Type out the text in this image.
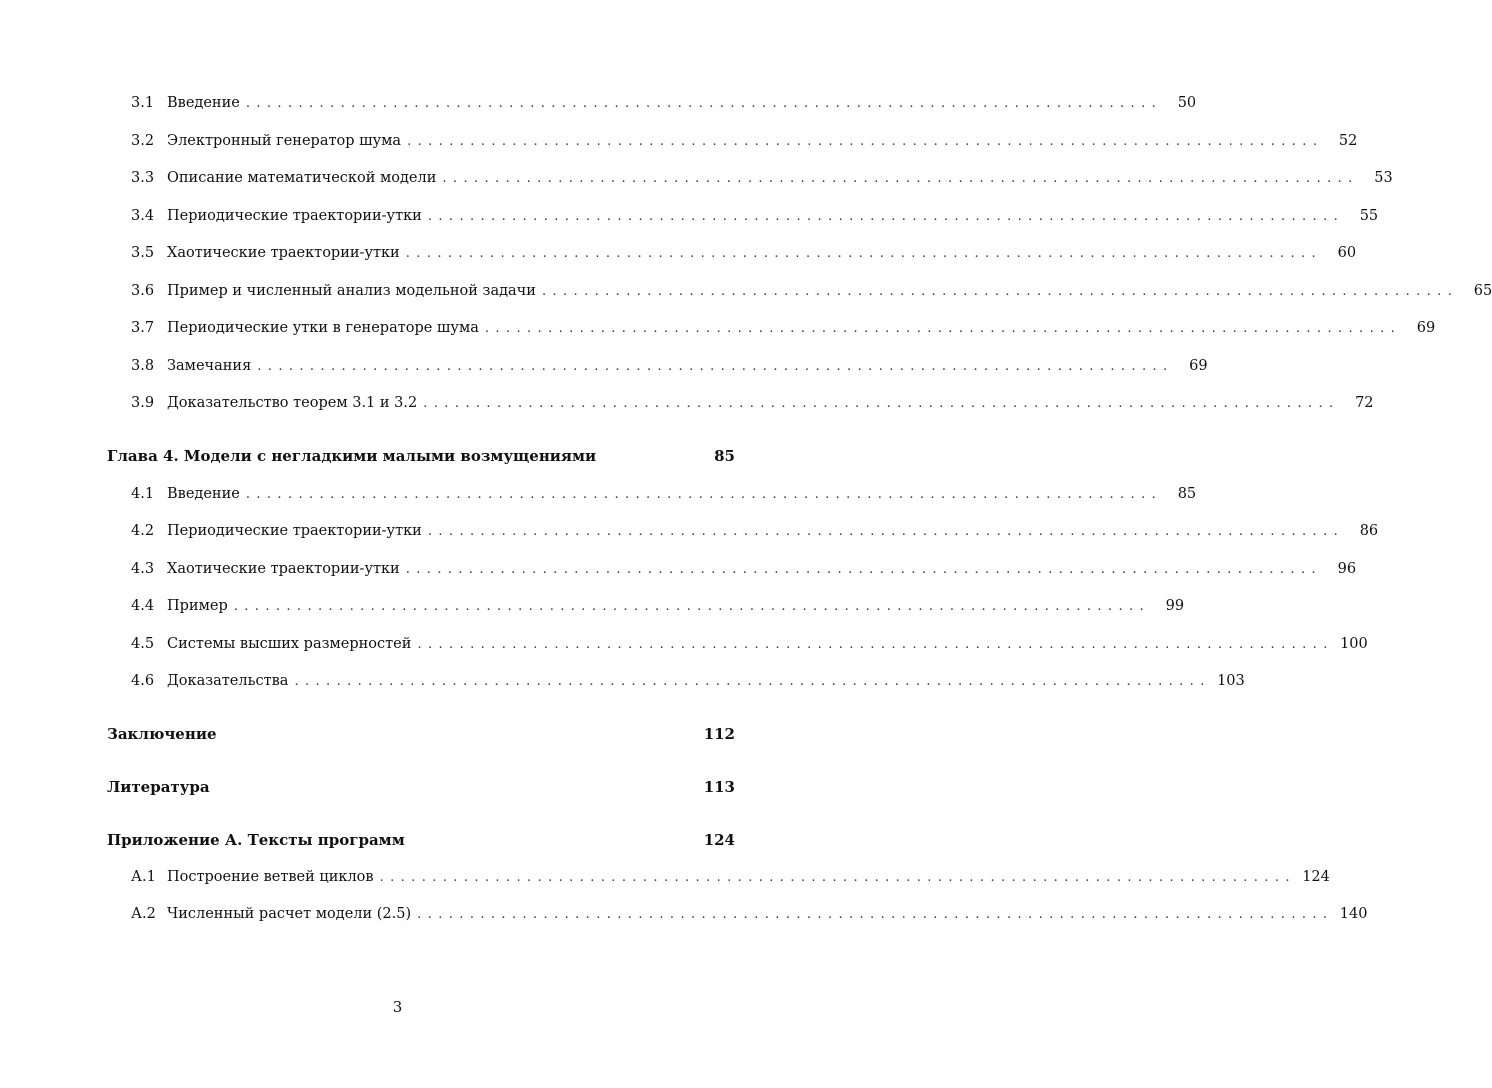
3.1 Введение .......................................................................................	50
3.2 Электронный генератор шума .......................................................................................	52
3.3 Описание математической модели .......................................................................................	53
3.4 Периодические траектории-утки .......................................................................................	55
3.5 Хаотические траектории-утки .......................................................................................	60
3.6 Пример и численный анализ модельной задачи .......................................................................................	65
3.7 Периодические утки в генераторе шума .......................................................................................	69
3.8 Замечания .......................................................................................	69
3.9 Доказательство теорем 3.1 и 3.2 .......................................................................................	72
Глава 4. Модели с негладкими малыми возмущениями	85
4.1 Введение .......................................................................................	85
4.2 Периодические траектории-утки .......................................................................................	86
4.3 Хаотические траектории-утки .......................................................................................	96
4.4 Пример .......................................................................................	99
4.5 Системы высших размерностей ....................................................................................... 100
4.6 Доказательства ....................................................................................... 103
Заключение	112
Литература	113
Приложение А. Тексты программ	124
А.1 Построение ветвей циклов ....................................................................................... 124
А.2 Численный расчет модели (2.5) ....................................................................................... 140
3
